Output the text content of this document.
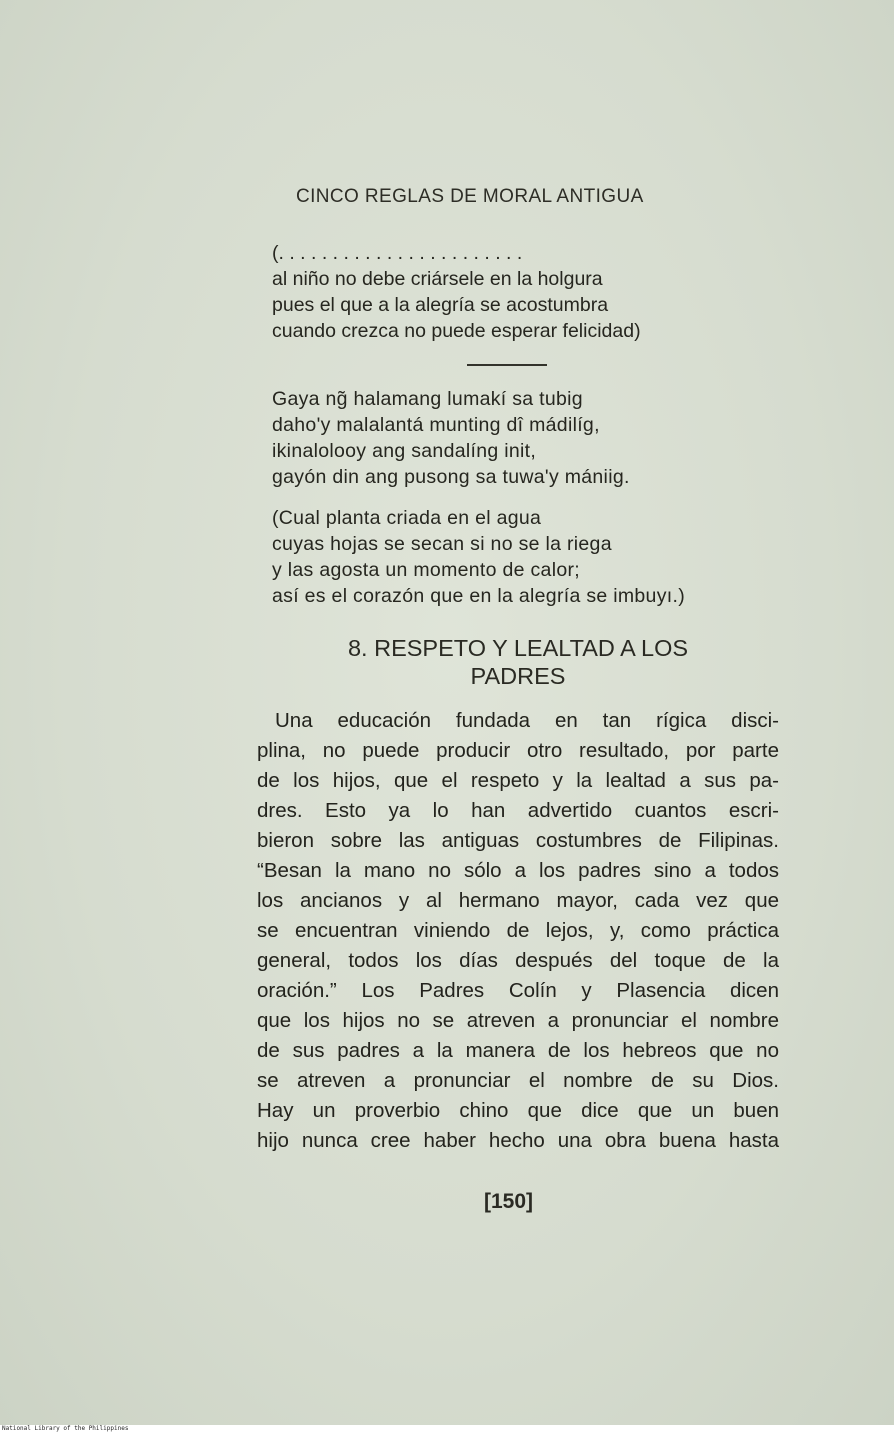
CINCO REGLAS DE MORAL ANTIGUA
(. . . . . . . . . . . . . . . . . . . . . . .
al niño no debe criársele en la holgura
pues el que a la alegría se acostumbra
cuando crezca no puede esperar felicidad)
Gaya ng̃ halamang lumakí sa tubig
daho'y malalantá munting dî mádilíg,
ikinalolooy ang sandalíng init,
gayón din ang pusong sa tuwa'y mániig.
(Cual planta criada en el agua
cuyas hojas se secan si no se la riega
y las agosta un momento de calor;
así es el corazón que en la alegría se imbuyı.)
8. RESPETO Y LEALTAD A LOS
PADRES
Una educación fundada en tan rígica disci-
plina, no puede producir otro resultado, por parte
de los hijos, que el respeto y la lealtad a sus pa-
dres. Esto ya lo han advertido cuantos escri-
bieron sobre las antiguas costumbres de Filipinas.
“Besan la mano no sólo a los padres sino a todos
los ancianos y al hermano mayor, cada vez que
se encuentran viniendo de lejos, y, como práctica
general, todos los días después del toque de la
oración.” Los Padres Colín y Plasencia dicen
que los hijos no se atreven a pronunciar el nombre
de sus padres a la manera de los hebreos que no
se atreven a pronunciar el nombre de su Dios.
Hay un proverbio chino que dice que un buen
hijo nunca cree haber hecho una obra buena hasta
[150]
National Library of the Philippines
